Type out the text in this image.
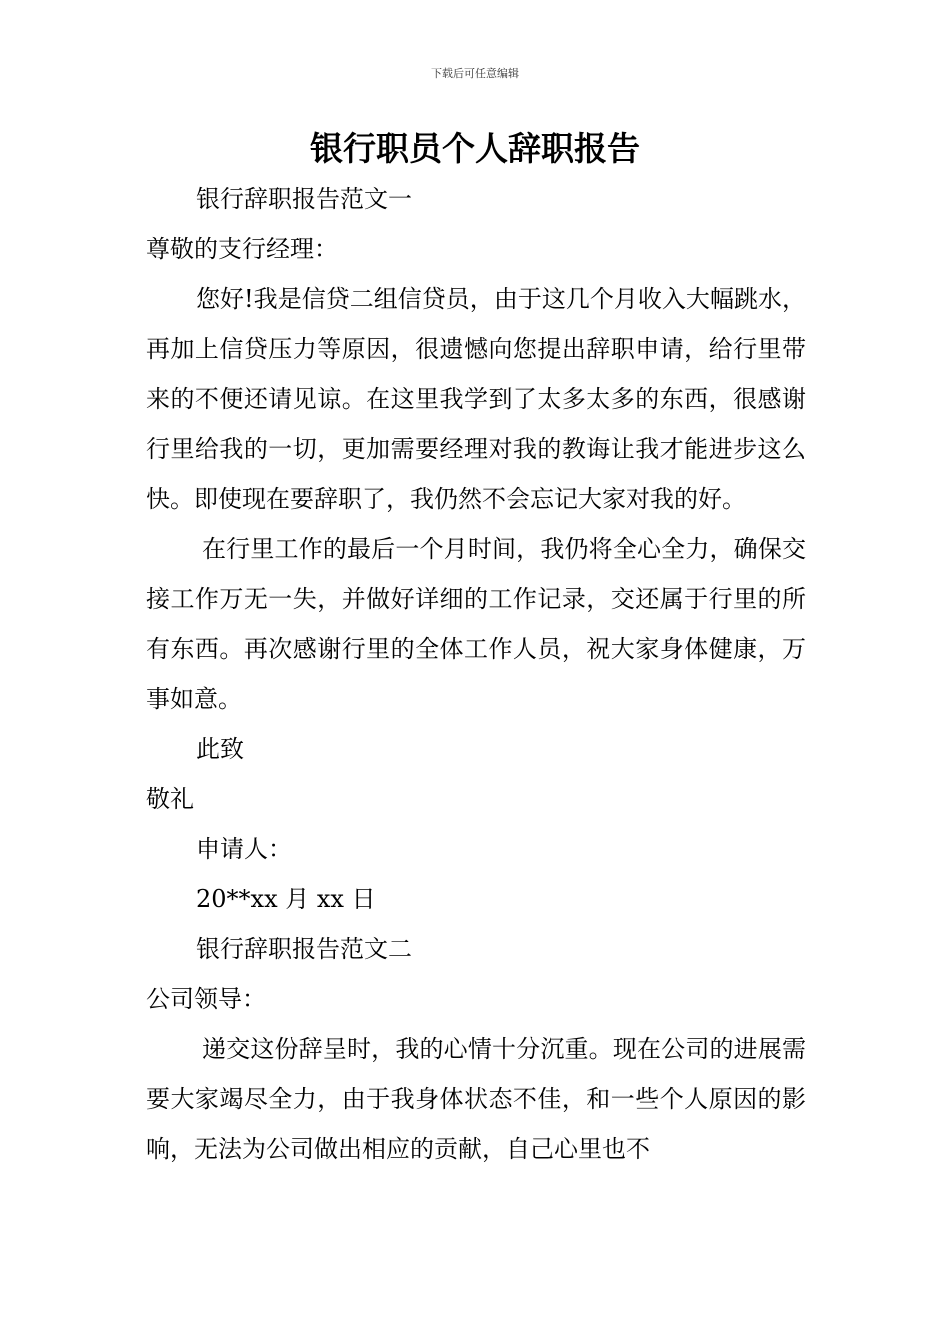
下载后可任意编辑
银行职员个人辞职报告

银行辞职报告范文一

尊敬的支行经理：

您好!我是信贷二组信贷员，由于这几个月收入大幅跳水，再加上信贷压力等原因，很遗憾向您提出辞职申请，给行里带来的不便还请见谅。在这里我学到了太多太多的东西，很感谢行里给我的一切，更加需要经理对我的教诲让我才能进步这么快。即使现在要辞职了，我仍然不会忘记大家对我的好。

在行里工作的最后一个月时间，我仍将全心全力，确保交接工作万无一失，并做好详细的工作记录，交还属于行里的所有东西。再次感谢行里的全体工作人员，祝大家身体健康，万事如意。

此致

敬礼

申请人：

20**xx 月 xx 日

银行辞职报告范文二

公司领导：

递交这份辞呈时，我的心情十分沉重。现在公司的进展需要大家竭尽全力，由于我身体状态不佳，和一些个人原因的影响，无法为公司做出相应的贡献，自己心里也不
